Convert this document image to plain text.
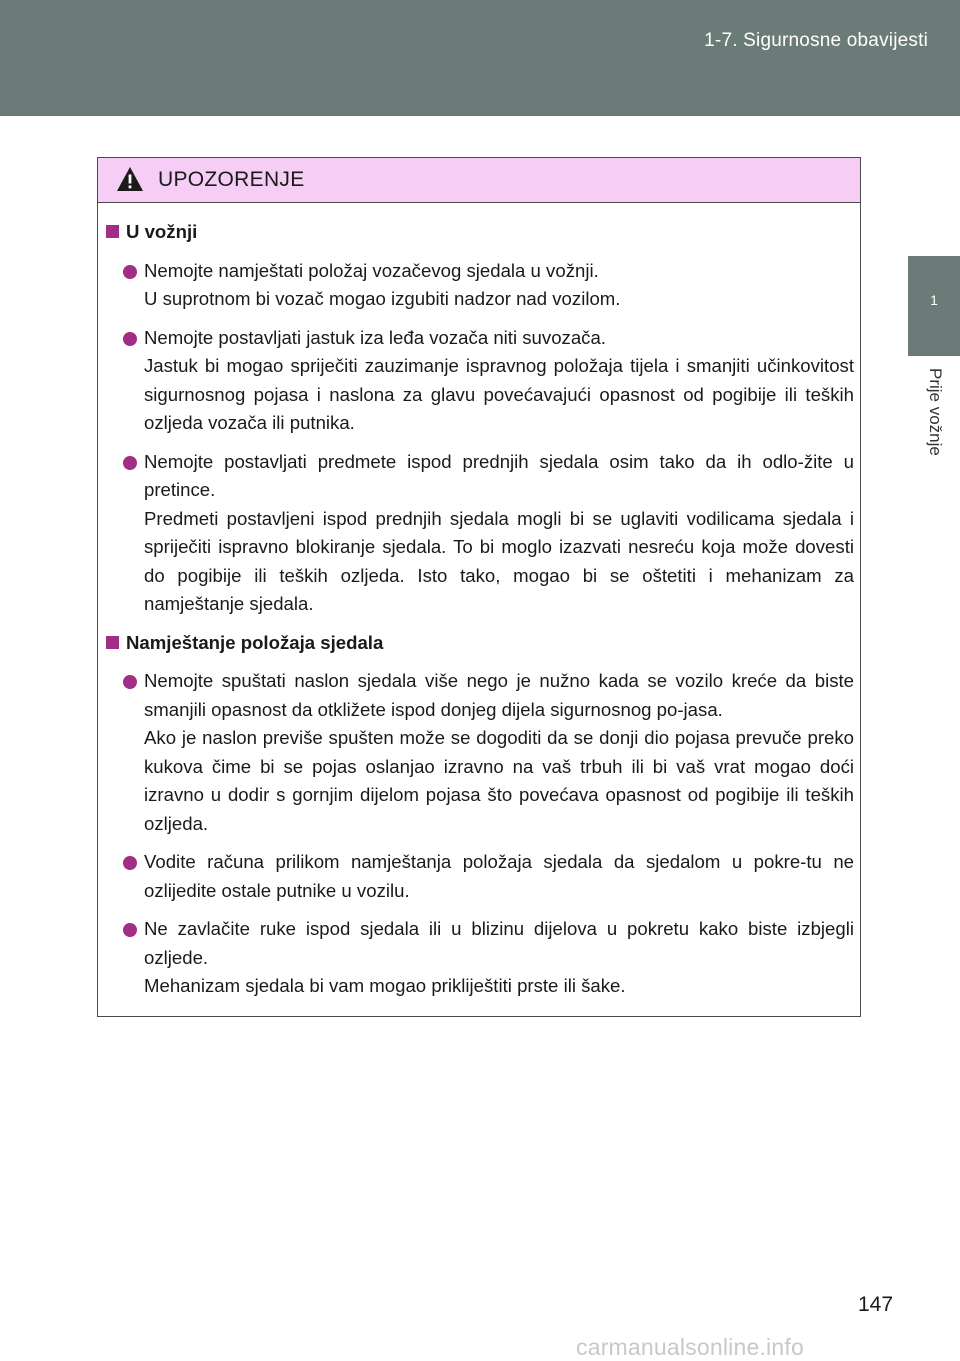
1-7. Sigurnosne obavijesti
1
Prije vožnje
UPOZORENJE
U vožnji

Nemojte namještati položaj vozačevog sjedala u vožnji.

U suprotnom bi vozač mogao izgubiti nadzor nad vozilom.

Nemojte postavljati jastuk iza leđa vozača niti suvozača.

Jastuk bi mogao spriječiti zauzimanje ispravnog položaja tijela i smanjiti učinkovitost sigurnosnog pojasa i naslona za glavu povećavajući opasnost od pogibije ili teških ozljeda vozača ili putnika.

Nemojte postavljati predmete ispod prednjih sjedala osim tako da ih odlo-žite u pretince.

Predmeti postavljeni ispod prednjih sjedala mogli bi se uglaviti vodilicama sjedala i spriječiti ispravno blokiranje sjedala. To bi moglo izazvati nesreću koja može dovesti do pogibije ili teških ozljeda. Isto tako, mogao bi se oštetiti i mehanizam za namještanje sjedala.

Namještanje položaja sjedala

Nemojte spuštati naslon sjedala više nego je nužno kada se vozilo kreće da biste smanjili opasnost da otkližete ispod donjeg dijela sigurnosnog po-jasa.

Ako je naslon previše spušten može se dogoditi da se donji dio pojasa prevuče preko kukova čime bi se pojas oslanjao izravno na vaš trbuh ili bi vaš vrat mogao doći izravno u dodir s gornjim dijelom pojasa što povećava opasnost od pogibije ili teških ozljeda.

Vodite računa prilikom namještanja položaja sjedala da sjedalom u pokre-tu ne ozlijedite ostale putnike u vozilu.

Ne zavlačite ruke ispod sjedala ili u blizinu dijelova u pokretu kako biste izbjegli ozljede.

Mehanizam sjedala bi vam mogao prikliještiti prste ili šake.

147
carmanualsonline.info
